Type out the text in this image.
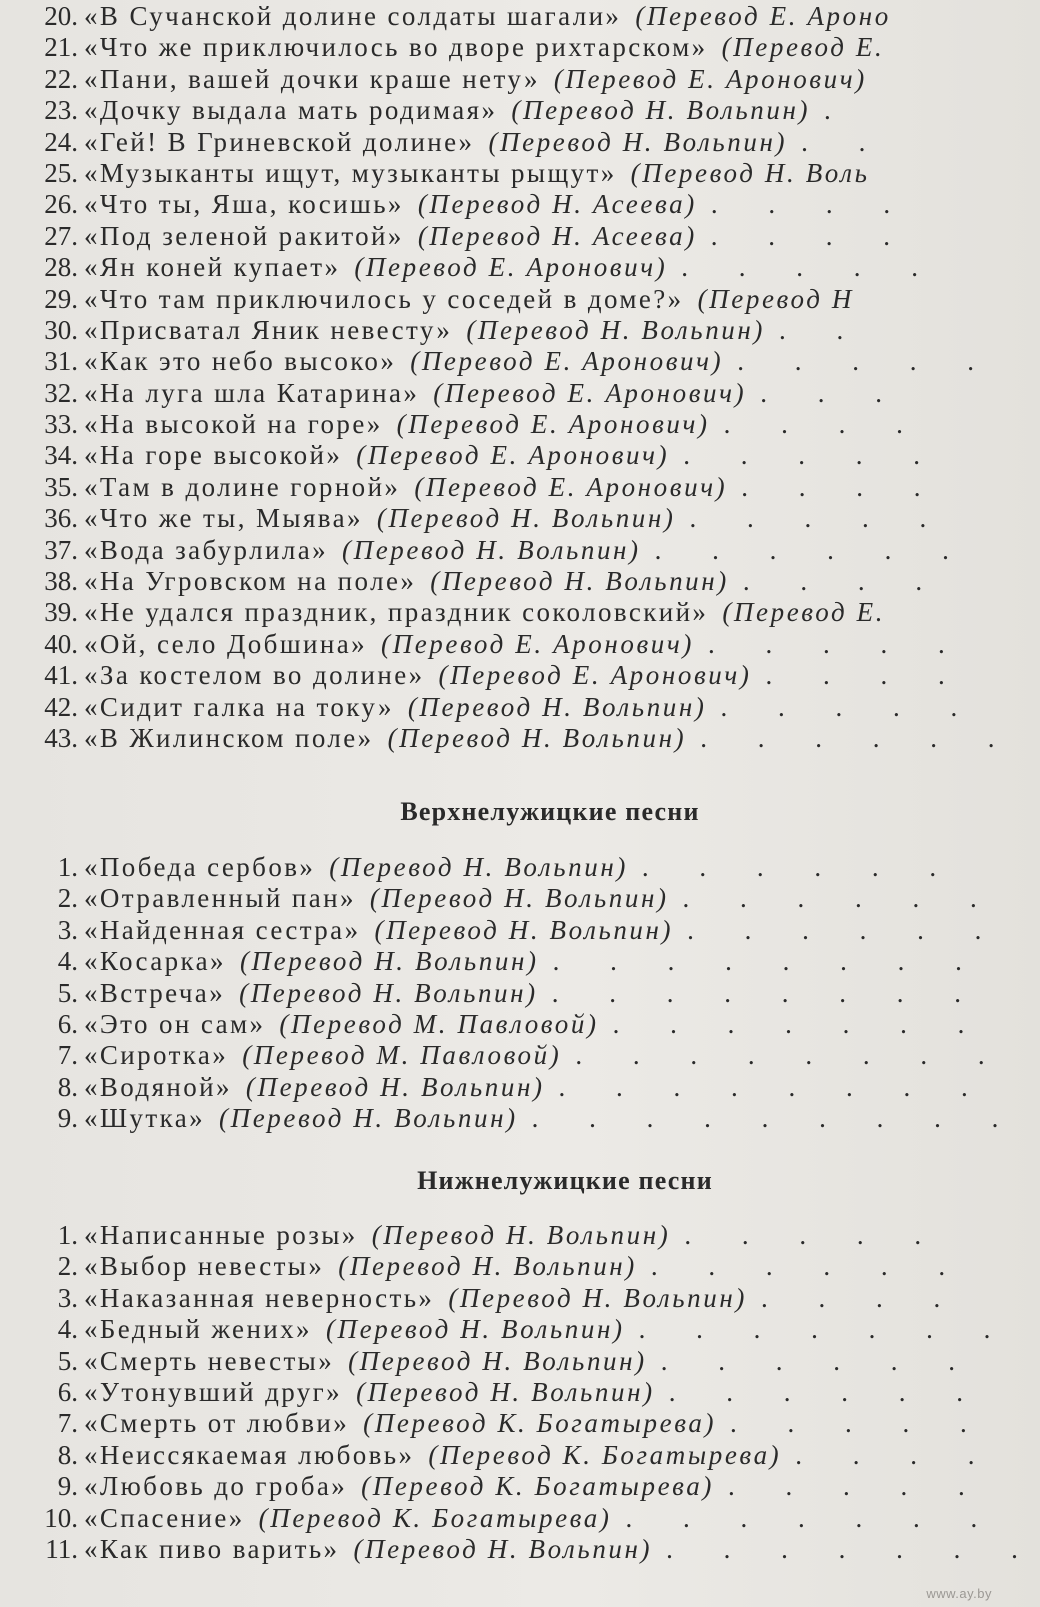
20. «В Сучанской долине солдаты шагали» (Перевод Е. Ароно
21. «Что же приключилось во дворе рихтарском» (Перевод Е.
22. «Пани, вашей дочки краше нету» (Перевод Е. Аронович)
23. «Дочку выдала мать родимая» (Перевод Н. Вольпин) .
24. «Гей! В Гриневской долине» (Перевод Н. Вольпин) . .
25. «Музыканты ищут, музыканты рыщут» (Перевод Н. Воль
26. «Что ты, Яша, косишь» (Перевод Н. Асеева) . . . .
27. «Под зеленой ракитой» (Перевод Н. Асеева) . . . .
28. «Ян коней купает» (Перевод Е. Аронович) . . . . .
29. «Что там приключилось у соседей в доме?» (Перевод Н
30. «Присватал Яник невесту» (Перевод Н. Вольпин) . .
31. «Как это небо высоко» (Перевод Е. Аронович) . . . . .
32. «На луга шла Катарина» (Перевод Е. Аронович) . . .
33. «На высокой на горе» (Перевод Е. Аронович) . . . .
34. «На горе высокой» (Перевод Е. Аронович) . . . . .
35. «Там в долине горной» (Перевод Е. Аронович) . . . .
36. «Что же ты, Мыява» (Перевод Н. Вольпин) . . . . .
37. «Вода забурлила» (Перевод Н. Вольпин) . . . . . .
38. «На Угровском на поле» (Перевод Н. Вольпин) . . . .
39. «Не удался праздник, праздник соколовский» (Перевод Е.
40. «Ой, село Добшина» (Перевод Е. Аронович) . . . . .
41. «За костелом во долине» (Перевод Е. Аронович) . . . .
42. «Сидит галка на току» (Перевод Н. Вольпин) . . . . .
43. «В Жилинском поле» (Перевод Н. Вольпин) . . . . . .
Верхнелужицкие песни
1. «Победа сербов» (Перевод Н. Вольпин) . . . . . .
2. «Отравленный пан» (Перевод Н. Вольпин) . . . . . .
3. «Найденная сестра» (Перевод Н. Вольпин) . . . . . .
4. «Косарка» (Перевод Н. Вольпин) . . . . . . . .
5. «Встреча» (Перевод Н. Вольпин) . . . . . . . .
6. «Это он сам» (Перевод М. Павловой) . . . . . . .
7. «Сиротка» (Перевод М. Павловой) . . . . . . . .
8. «Водяной» (Перевод Н. Вольпин) . . . . . . . .
9. «Шутка» (Перевод Н. Вольпин) . . . . . . . . .
Нижнелужицкие песни
1. «Написанные розы» (Перевод Н. Вольпин) . . . . .
2. «Выбор невесты» (Перевод Н. Вольпин) . . . . . .
3. «Наказанная неверность» (Перевод Н. Вольпин) . . . .
4. «Бедный жених» (Перевод Н. Вольпин) . . . . . . .
5. «Смерть невесты» (Перевод Н. Вольпин) . . . . . .
6. «Утонувший друг» (Перевод Н. Вольпин) . . . . . .
7. «Смерть от любви» (Перевод К. Богатырева) . . . . .
8. «Неиссякаемая любовь» (Перевод К. Богатырева) . . . .
9. «Любовь до гроба» (Перевод К. Богатырева) . . . . .
10. «Спасение» (Перевод К. Богатырева) . . . . . . .
11. «Как пиво варить» (Перевод Н. Вольпин) . . . . . . .
www.ay.by
